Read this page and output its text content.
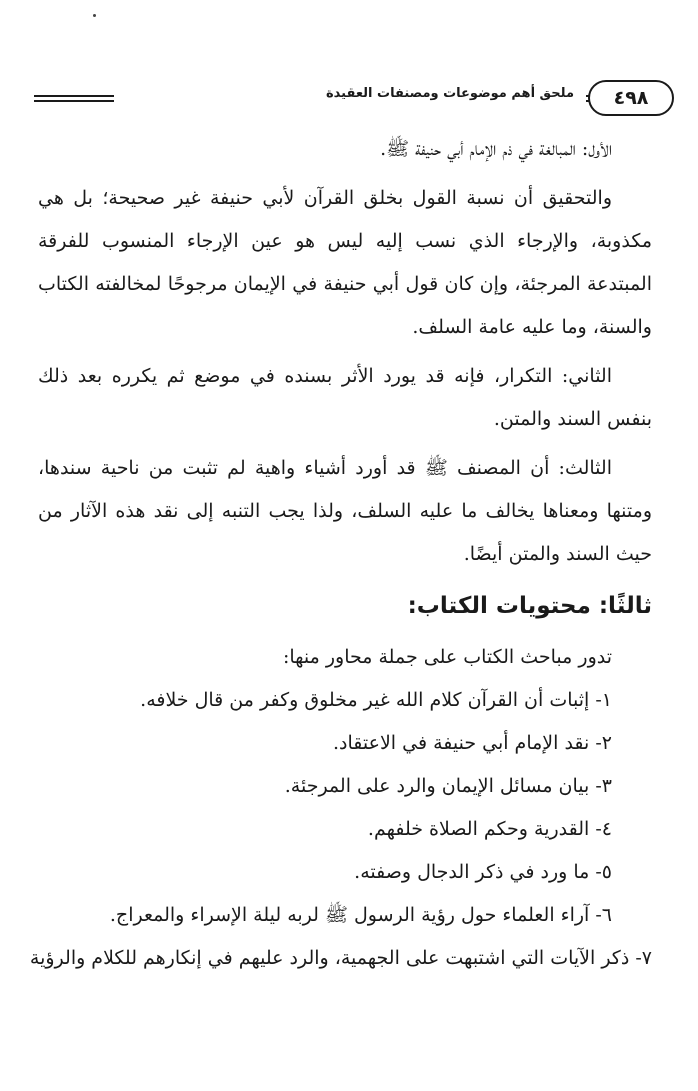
ملحق أهم موضوعات ومصنفات العقيدة	٤٩٨

الأول: المبالغة في ذم الإمام أبي حنيفة ﷺ.

والتحقيق أن نسبة القول بخلق القرآن لأبي حنيفة غير صحيحة؛ بل هي مكذوبة، والإرجاء الذي نسب إليه ليس هو عين الإرجاء المنسوب للفرقة المبتدعة المرجئة، وإن كان قول أبي حنيفة في الإيمان مرجوحًا لمخالفته الكتاب والسنة، وما عليه عامة السلف.

الثاني: التكرار، فإنه قد يورد الأثر بسنده في موضع ثم يكرره بعد ذلك بنفس السند والمتن.

الثالث: أن المصنف ﷺ قد أورد أشياء واهية لم تثبت من ناحية سندها، ومتنها ومعناها يخالف ما عليه السلف، ولذا يجب التنبه إلى نقد هذه الآثار من حيث السند والمتن أيضًا.

ثالثًا: محتويات الكتاب:

تدور مباحث الكتاب على جملة محاور منها:

١- إثبات أن القرآن كلام الله غير مخلوق وكفر من قال خلافه.

٢- نقد الإمام أبي حنيفة في الاعتقاد.

٣- بيان مسائل الإيمان والرد على المرجئة.

٤- القدرية وحكم الصلاة خلفهم.

٥- ما ورد في ذكر الدجال وصفته.

٦- آراء العلماء حول رؤية الرسول ﷺ لربه ليلة الإسراء والمعراج.

٧- ذكر الآيات التي اشتبهت على الجهمية، والرد عليهم في إنكارهم للكلام والرؤية
